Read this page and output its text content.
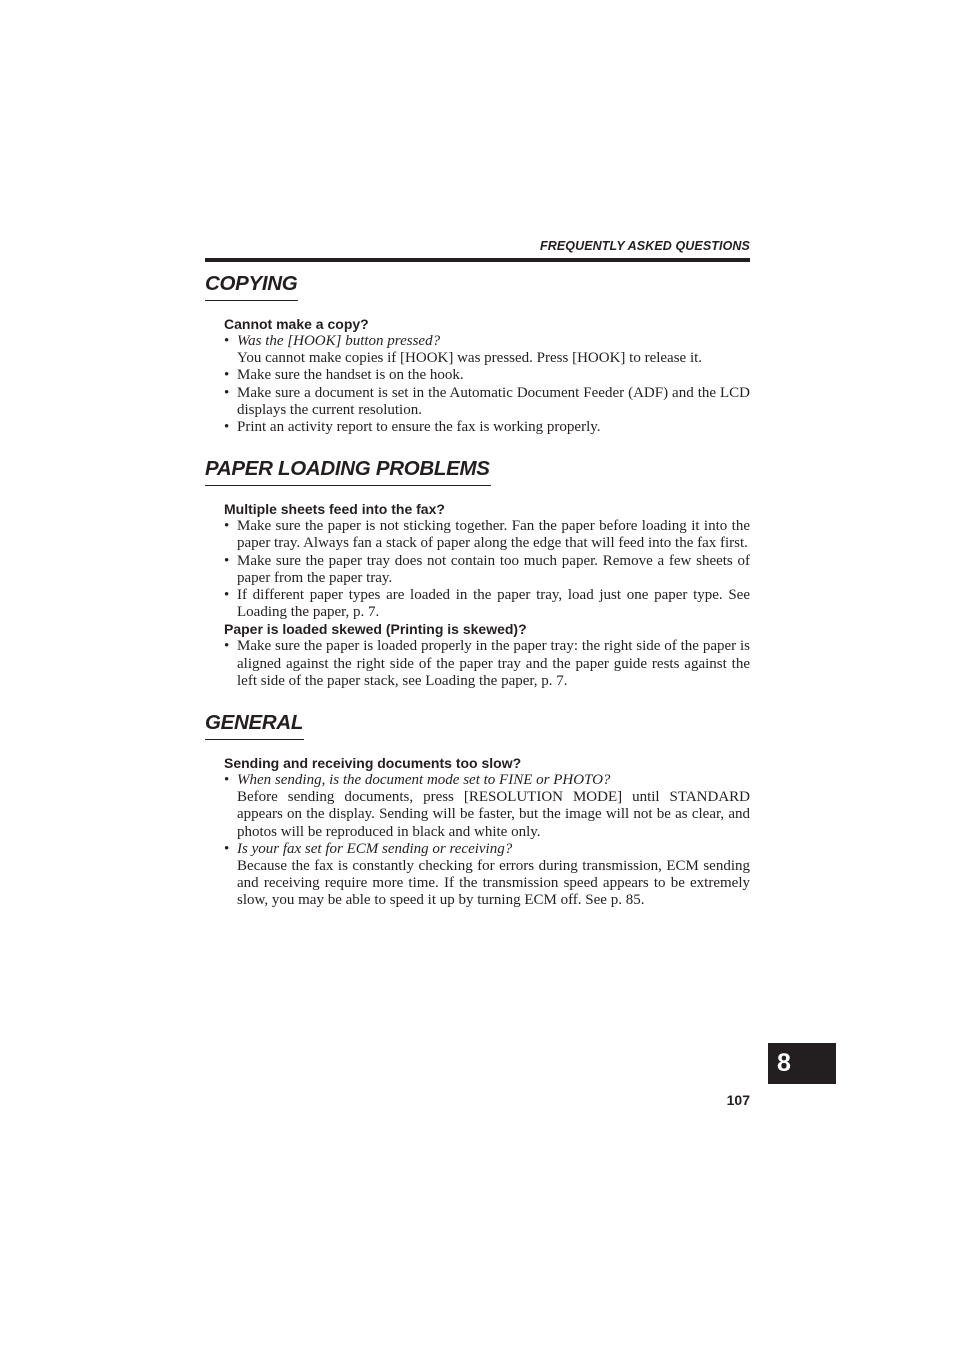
FREQUENTLY ASKED QUESTIONS
COPYING
Cannot make a copy?
• Was the [HOOK] button pressed?
You cannot make copies if [HOOK] was pressed. Press [HOOK] to release it.
• Make sure the handset is on the hook.
• Make sure a document is set in the Automatic Document Feeder (ADF) and the LCD displays the current resolution.
• Print an activity report to ensure the fax is working properly.
PAPER LOADING PROBLEMS
Multiple sheets feed into the fax?
• Make sure the paper is not sticking together. Fan the paper before loading it into the paper tray. Always fan a stack of paper along the edge that will feed into the fax first.
• Make sure the paper tray does not contain too much paper. Remove a few sheets of paper from the paper tray.
• If different paper types are loaded in the paper tray, load just one paper type. See Loading the paper, p. 7.
Paper is loaded skewed (Printing is skewed)?
• Make sure the paper is loaded properly in the paper tray: the right side of the paper is aligned against the right side of the paper tray and the paper guide rests against the left side of the paper stack, see Loading the paper, p. 7.
GENERAL
Sending and receiving documents too slow?
• When sending, is the document mode set to FINE or PHOTO?
Before sending documents, press [RESOLUTION MODE] until STANDARD appears on the display. Sending will be faster, but the image will not be as clear, and photos will be reproduced in black and white only.
• Is your fax set for ECM sending or receiving?
Because the fax is constantly checking for errors during transmission, ECM sending and receiving require more time. If the transmission speed appears to be extremely slow, you may be able to speed it up by turning ECM off. See p. 85.
8
107
